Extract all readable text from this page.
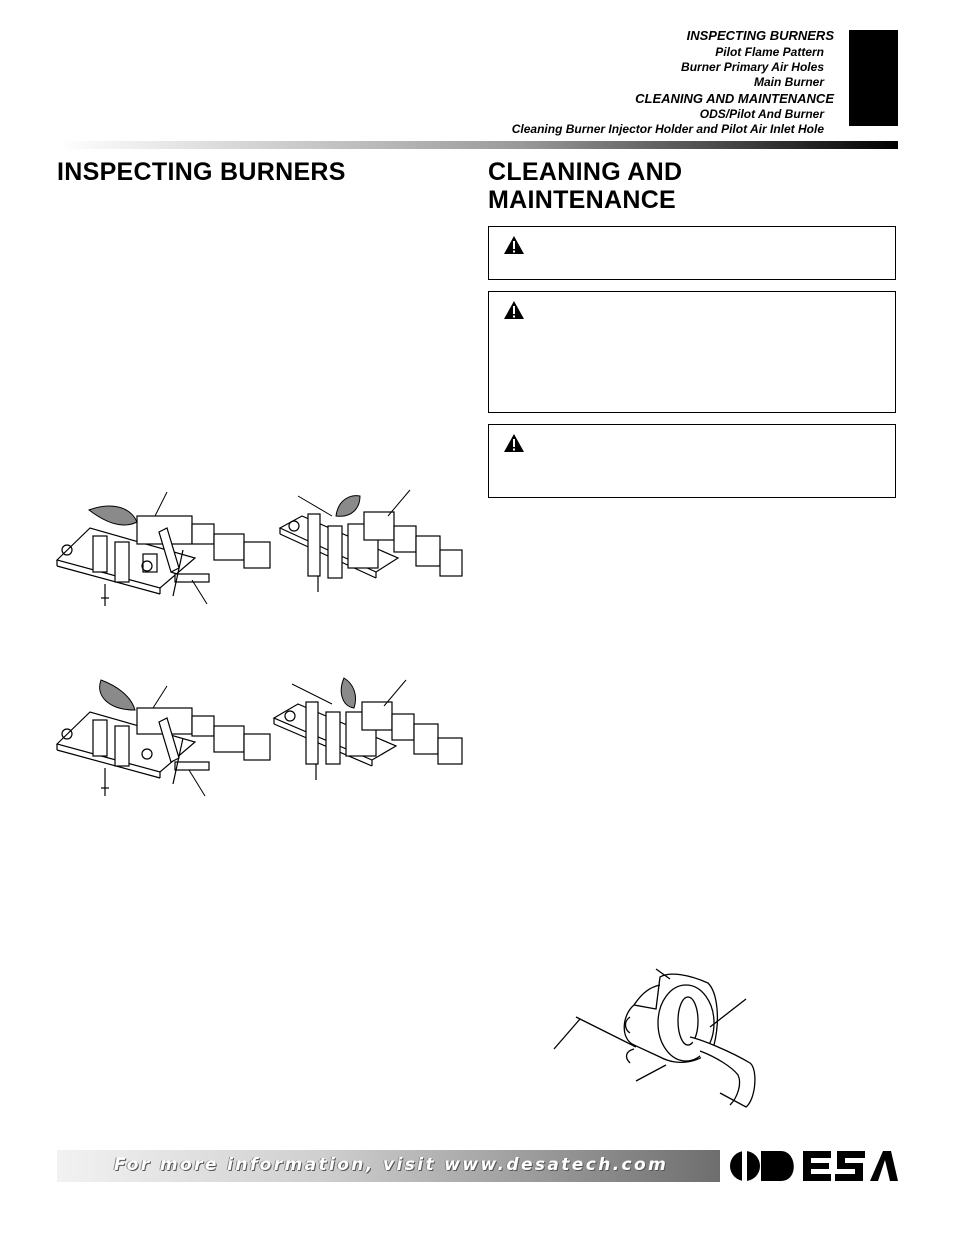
INSPECTING BURNERS
Pilot Flame Pattern
Burner Primary Air Holes
Main Burner
CLEANING AND MAINTENANCE
ODS/Pilot And Burner
Cleaning Burner Injector Holder and Pilot Air Inlet Hole
INSPECTING BURNERS	CLEANING AND
MAINTENANCE
For more information, visit www.desatech.com
